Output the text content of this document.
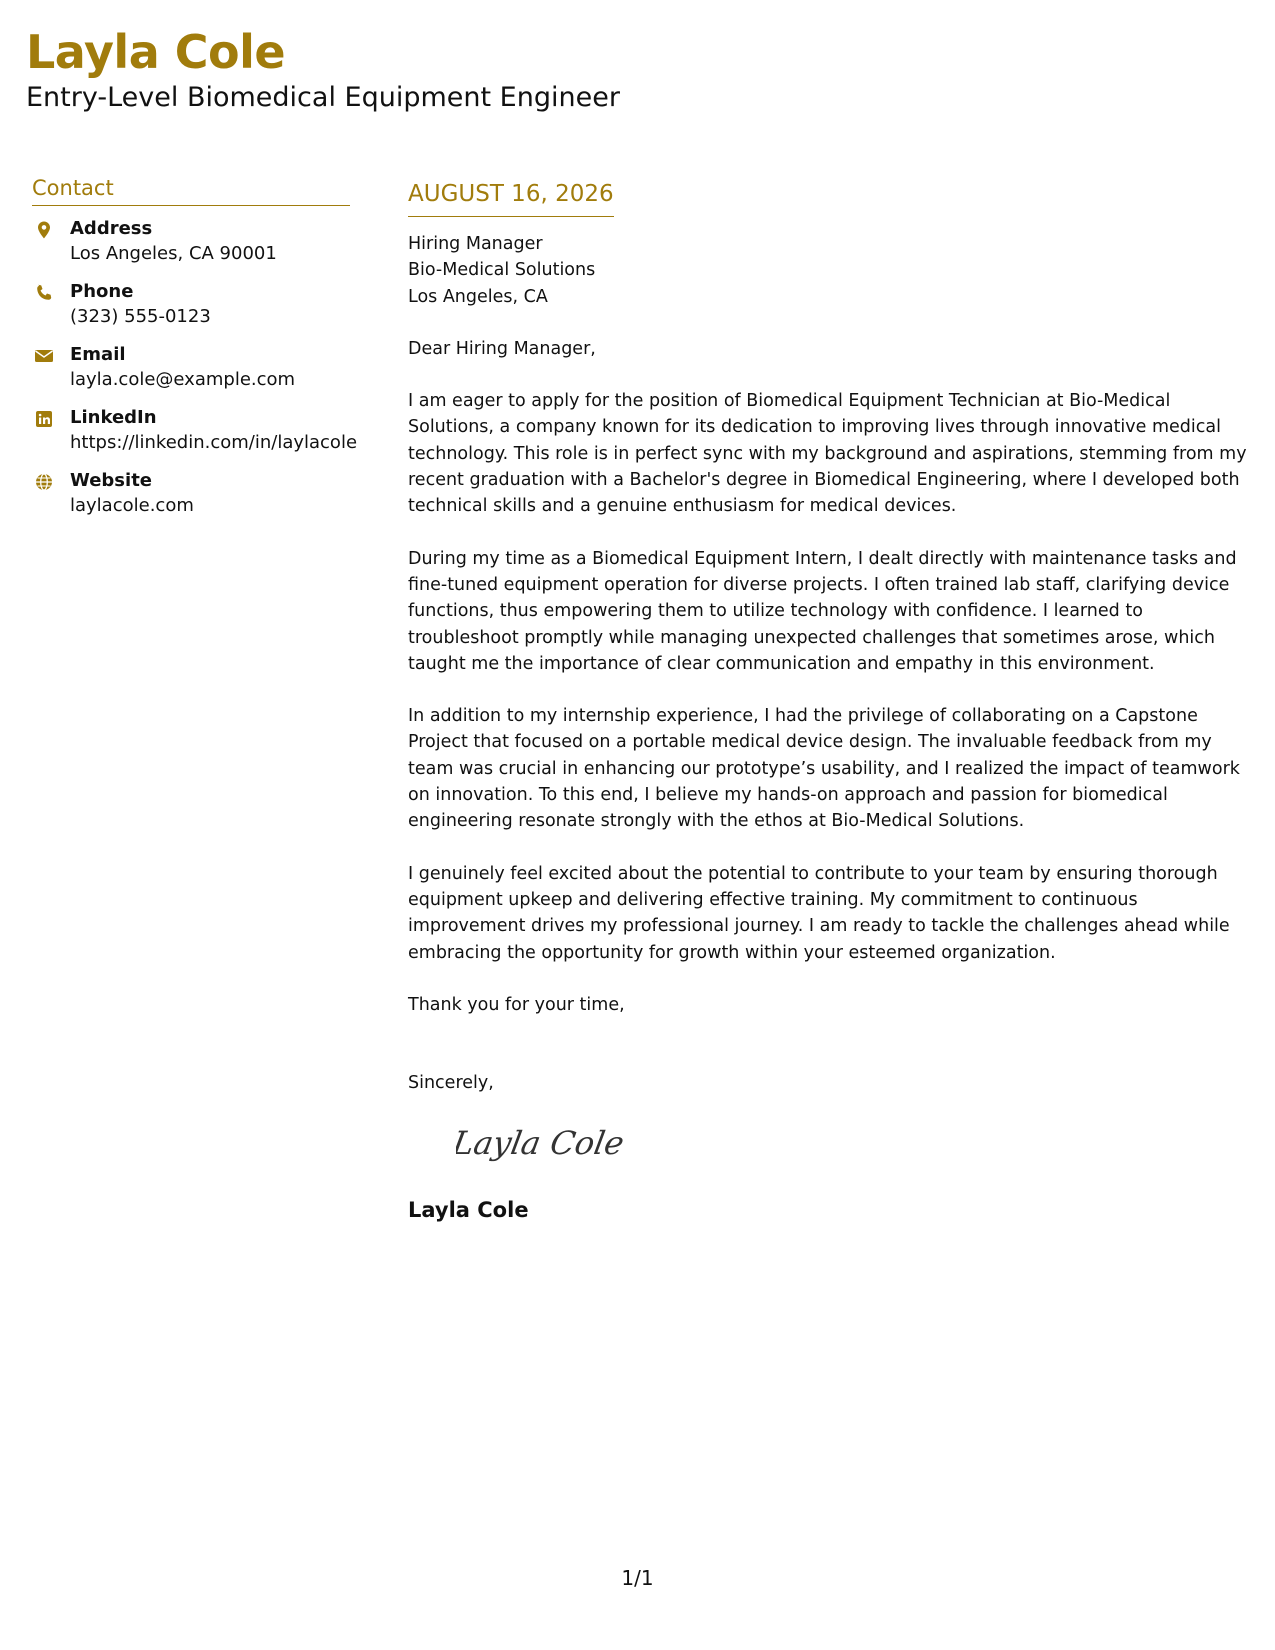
Layla Cole
Entry-Level Biomedical Equipment Engineer
Contact
Address
Los Angeles, CA 90001
Phone
(323) 555-0123
Email
layla.cole@example.com
LinkedIn
https://linkedin.com/in/laylacole
Website
laylacole.com
AUGUST 16, 2026
Hiring Manager
Bio-Medical Solutions
Los Angeles, CA
Dear Hiring Manager,
I am eager to apply for the position of Biomedical Equipment Technician at Bio-Medical Solutions, a company known for its dedication to improving lives through innovative medical technology. This role is in perfect sync with my background and aspirations, stemming from my recent graduation with a Bachelor's degree in Biomedical Engineering, where I developed both technical skills and a genuine enthusiasm for medical devices.
During my time as a Biomedical Equipment Intern, I dealt directly with maintenance tasks and fine-tuned equipment operation for diverse projects. I often trained lab staff, clarifying device functions, thus empowering them to utilize technology with confidence. I learned to troubleshoot promptly while managing unexpected challenges that sometimes arose, which taught me the importance of clear communication and empathy in this environment.
In addition to my internship experience, I had the privilege of collaborating on a Capstone Project that focused on a portable medical device design. The invaluable feedback from my team was crucial in enhancing our prototype’s usability, and I realized the impact of teamwork on innovation. To this end, I believe my hands-on approach and passion for biomedical engineering resonate strongly with the ethos at Bio-Medical Solutions.
I genuinely feel excited about the potential to contribute to your team by ensuring thorough equipment upkeep and delivering effective training. My commitment to continuous improvement drives my professional journey. I am ready to tackle the challenges ahead while embracing the opportunity for growth within your esteemed organization.
Thank you for your time,
Sincerely,
Layla Cole
Layla Cole
1/1
